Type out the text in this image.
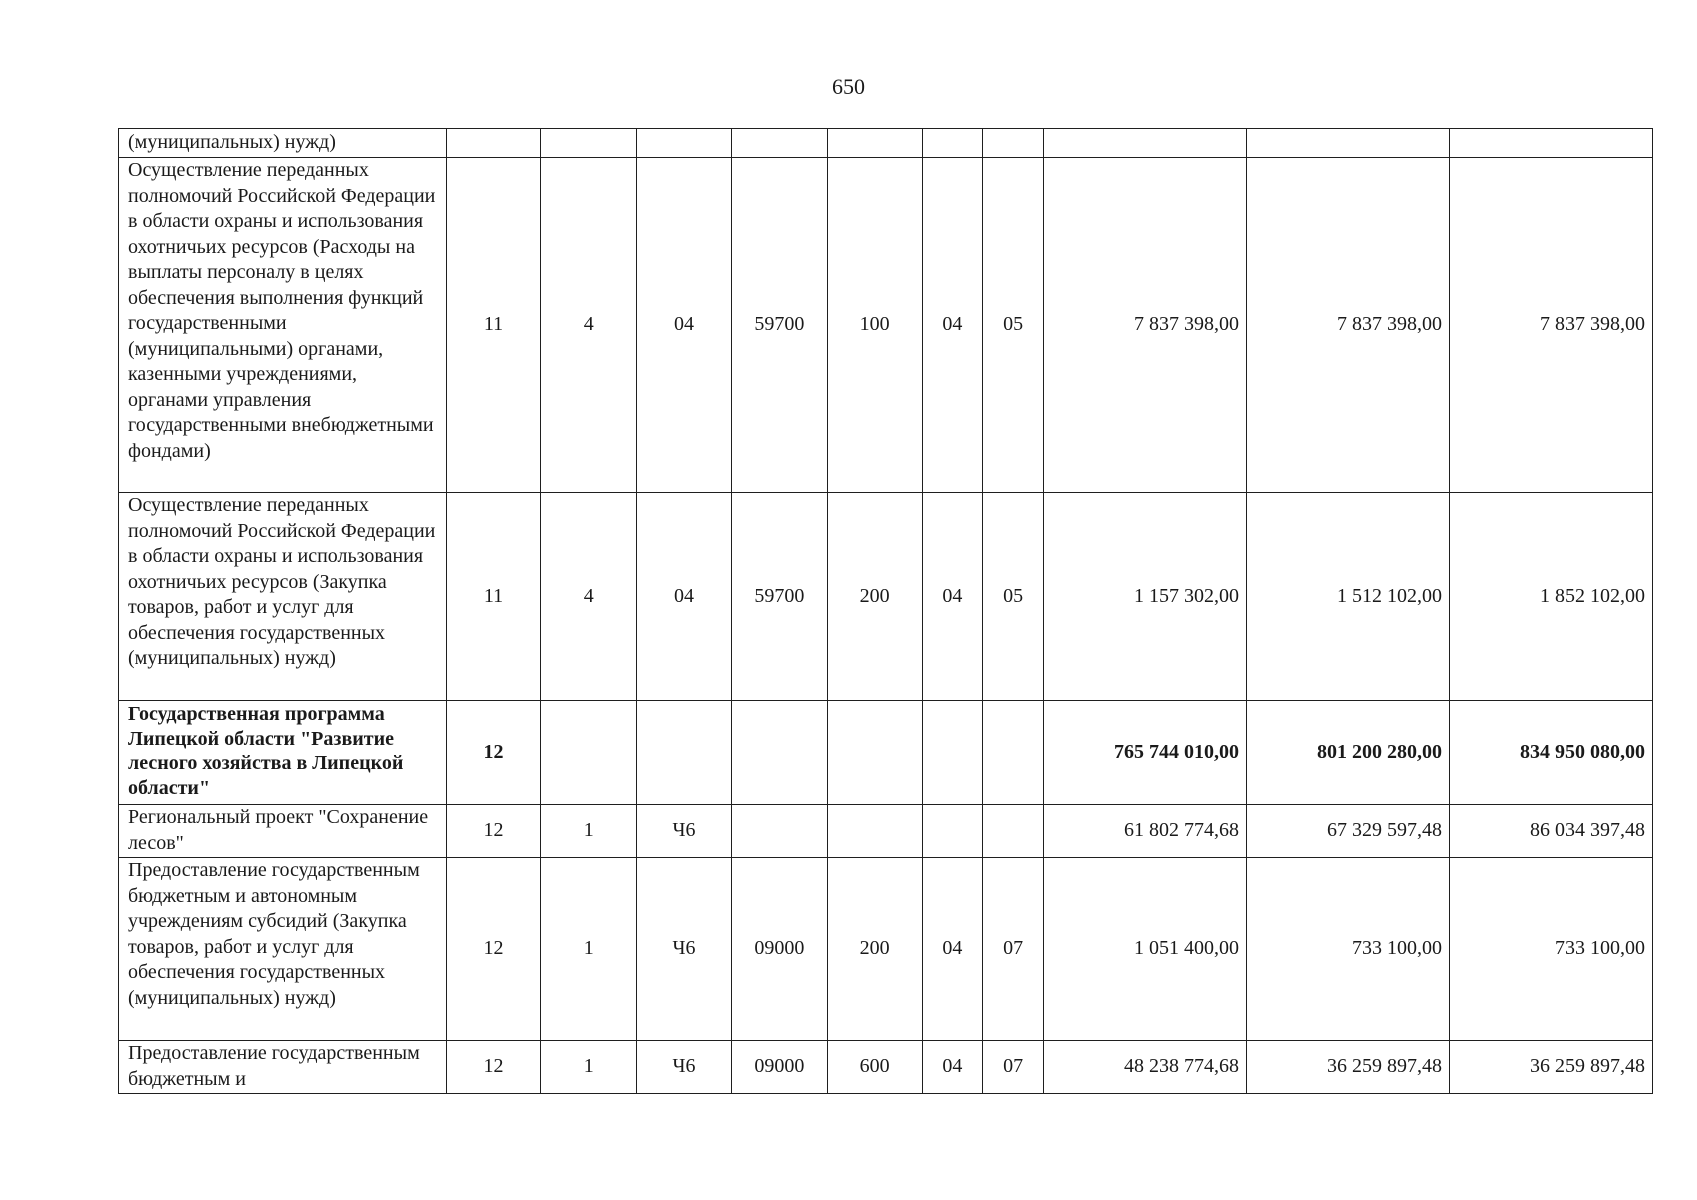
650
(муниципальных) нужд)										
Осуществление переданных полномочий Российской Федерации в области охраны и использования охотничьих ресурсов (Расходы на выплаты персоналу в целях обеспечения выполнения функций государственными (муниципальными) органами, казенными учреждениями, органами управления государственными внебюджетными фондами)	11	4	04	59700	100	04	05	7 837 398,00	7 837 398,00	7 837 398,00
Осуществление переданных полномочий Российской Федерации в области охраны и использования охотничьих ресурсов (Закупка товаров, работ и услуг для обеспечения государственных (муниципальных) нужд)	11	4	04	59700	200	04	05	1 157 302,00	1 512 102,00	1 852 102,00
Государственная программа Липецкой области "Развитие лесного хозяйства в Липецкой области"	12							765 744 010,00	801 200 280,00	834 950 080,00
Региональный проект "Сохранение лесов"	12	1	Ч6					61 802 774,68	67 329 597,48	86 034 397,48
Предоставление государственным бюджетным и автономным учреждениям субсидий (Закупка товаров, работ и услуг для обеспечения государственных (муниципальных) нужд)	12	1	Ч6	09000	200	04	07	1 051 400,00	733 100,00	733 100,00
Предоставление государственным бюджетным и	12	1	Ч6	09000	600	04	07	48 238 774,68	36 259 897,48	36 259 897,48
